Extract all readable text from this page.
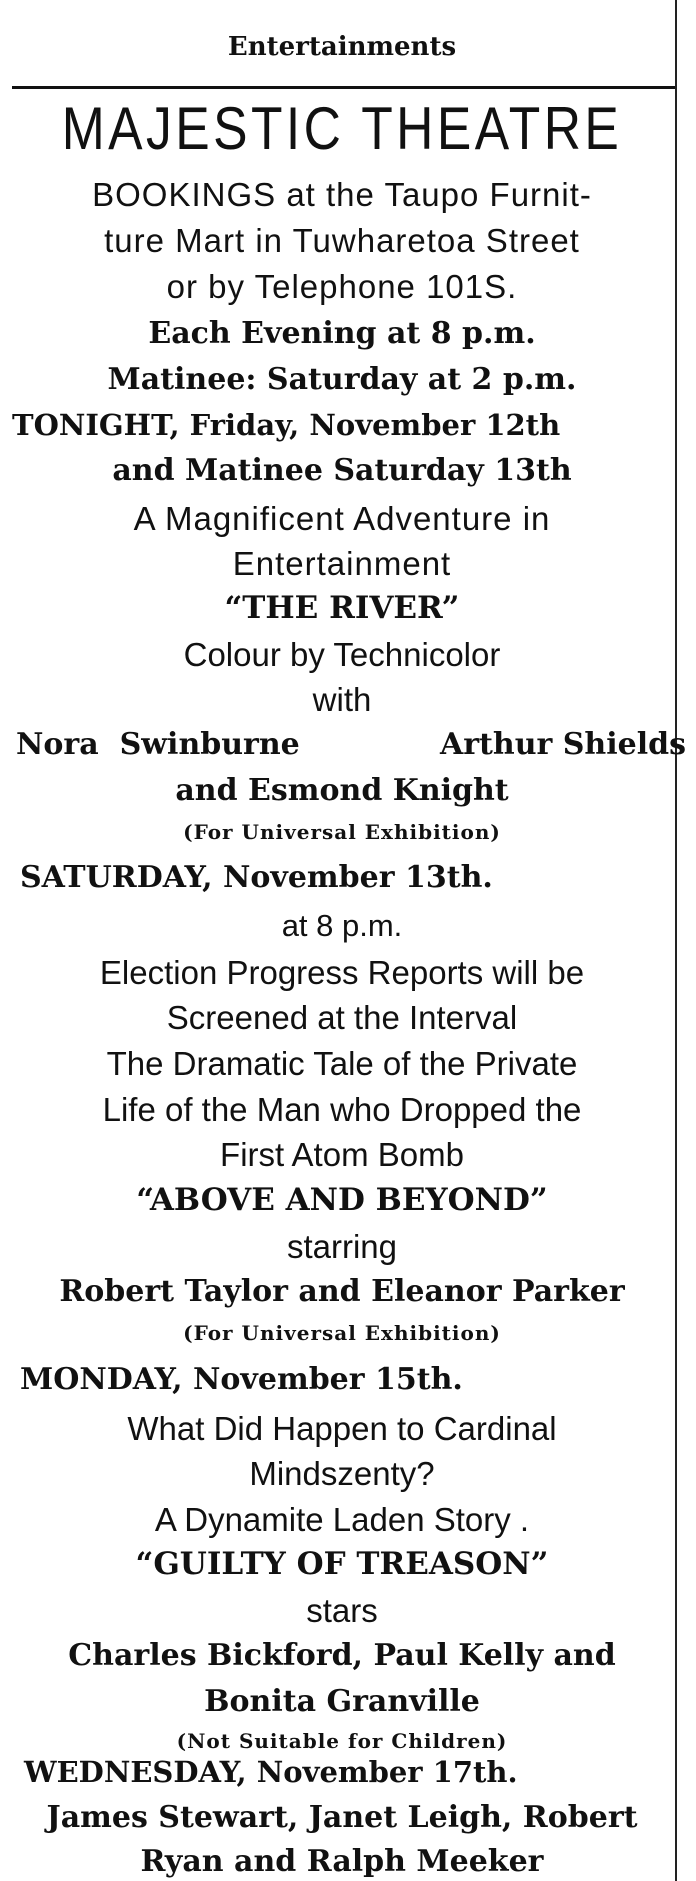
Entertainments
MAJESTIC THEATRE
BOOKINGS at the Taupo Furnit-
ture Mart in Tuwharetoa Street
or by Telephone 101S.
Each Evening at 8 p.m.
Matinee: Saturday at 2 p.m.
TONIGHT, Friday, November 12th
and Matinee Saturday 13th
A Magnificent Adventure in
Entertainment
“THE RIVER”
Colour by Technicolor
with
Nora  Swinburne	Arthur Shields
and Esmond Knight
(For Universal Exhibition)
SATURDAY, November 13th.
at 8 p.m.
Election Progress Reports will be
Screened at the Interval
The Dramatic Tale of the Private
Life of the Man who Dropped the
First Atom Bomb
“ABOVE AND BEYOND”
starring
Robert Taylor and Eleanor Parker
(For Universal Exhibition)
MONDAY, November 15th.
What Did Happen to Cardinal
Mindszenty?
A Dynamite Laden Story .
“GUILTY OF TREASON”
stars
Charles Bickford, Paul Kelly and
Bonita Granville
(Not Suitable for Children)
WEDNESDAY, November 17th.
James Stewart, Janet Leigh, Robert
Ryan and Ralph Meeker
